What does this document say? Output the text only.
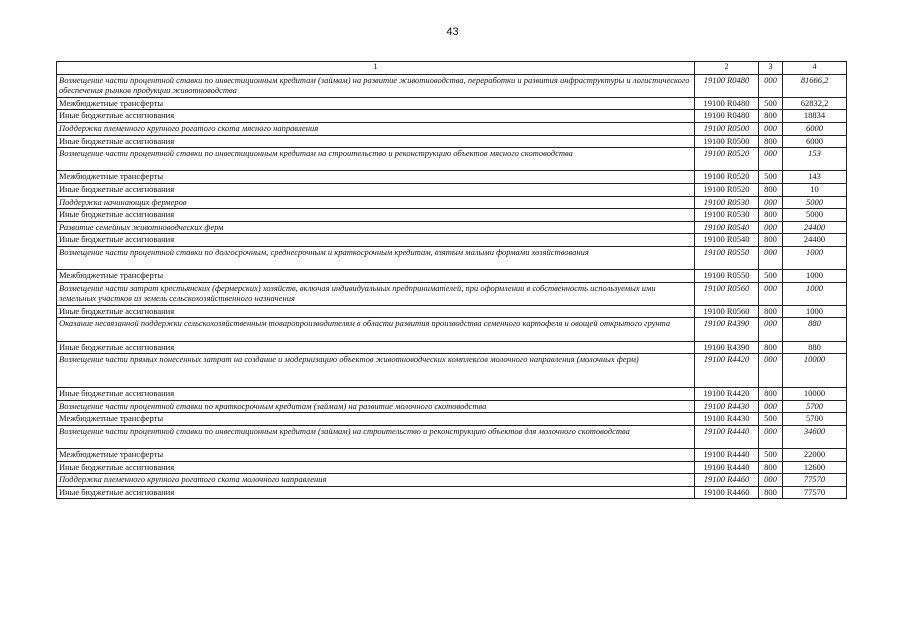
43
1	2	3	4
Возмещение части процентной ставки по инвестиционным кредитам (займам) на развитие животноводства, переработки и развития инфраструктуры и логистического обеспечения рынков продукции животноводства	19100 R0480	000	81666,2
Межбюджетные трансферты	19100 R0480	500	62832,2
Иные бюджетные ассигнования	19100 R0480	800	18834
Поддержка племенного крупного рогатого скота мясного направления	19100 R0500	000	6000
Иные бюджетные ассигнования	19100 R0500	800	6000
Возмещение части процентной ставки по инвестиционным кредитам на строительство и реконструкцию объектов мясного скотоводства	19100 R0520	000	153
Межбюджетные трансферты	19100 R0520	500	143
Иные бюджетные ассигнования	19100 R0520	800	10
Поддержка начинающих фермеров	19100 R0530	000	5000
Иные бюджетные ассигнования	19100 R0530	800	5000
Развитие семейных животноводческих ферм	19100 R0540	000	24400
Иные бюджетные ассигнования	19100 R0540	800	24400
Возмещение части процентной ставки по долгосрочным, среднесрочным и краткосрочным кредитам, взятым малыми формами хозяйствования	19100 R0550	000	1000
Межбюджетные трансферты	19100 R0550	500	1000
Возмещение части затрат крестьянских (фермерских) хозяйств, включая индивидуальных предпринимателей, при оформлении в собственность используемых ими земельных участков из земель сельскохозяйственного назначения	19100 R0560	000	1000
Иные бюджетные ассигнования	19100 R0560	800	1000
Оказание несвязанной поддержки сельскохозяйственным товаропроизводителям в области развития производства семенного картофеля и овощей открытого грунта	19100 R4390	000	880
Иные бюджетные ассигнования	19100 R4390	800	880
Возмещение части прямых понесенных затрат на создание и модернизацию объектов животноводческих комплексов молочного направления (молочных ферм)	19100 R4420	000	10000
Иные бюджетные ассигнования	19100 R4420	800	10000
Возмещение части процентной ставки по краткосрочным кредитам (займам) на развитие молочного скотоводства	19100 R4430	000	5700
Межбюджетные трансферты	19100 R4430	500	5700
Возмещение части процентной ставки по инвестиционным кредитам (займам) на строительство и реконструкцию объектов для молочного скотоводства	19100 R4440	000	34600
Межбюджетные трансферты	19100 R4440	500	22000
Иные бюджетные ассигнования	19100 R4440	800	12600
Поддержка племенного крупного рогатого скота молочного направления	19100 R4460	000	77570
Иные бюджетные ассигнования	19100 R4460	800	77570
